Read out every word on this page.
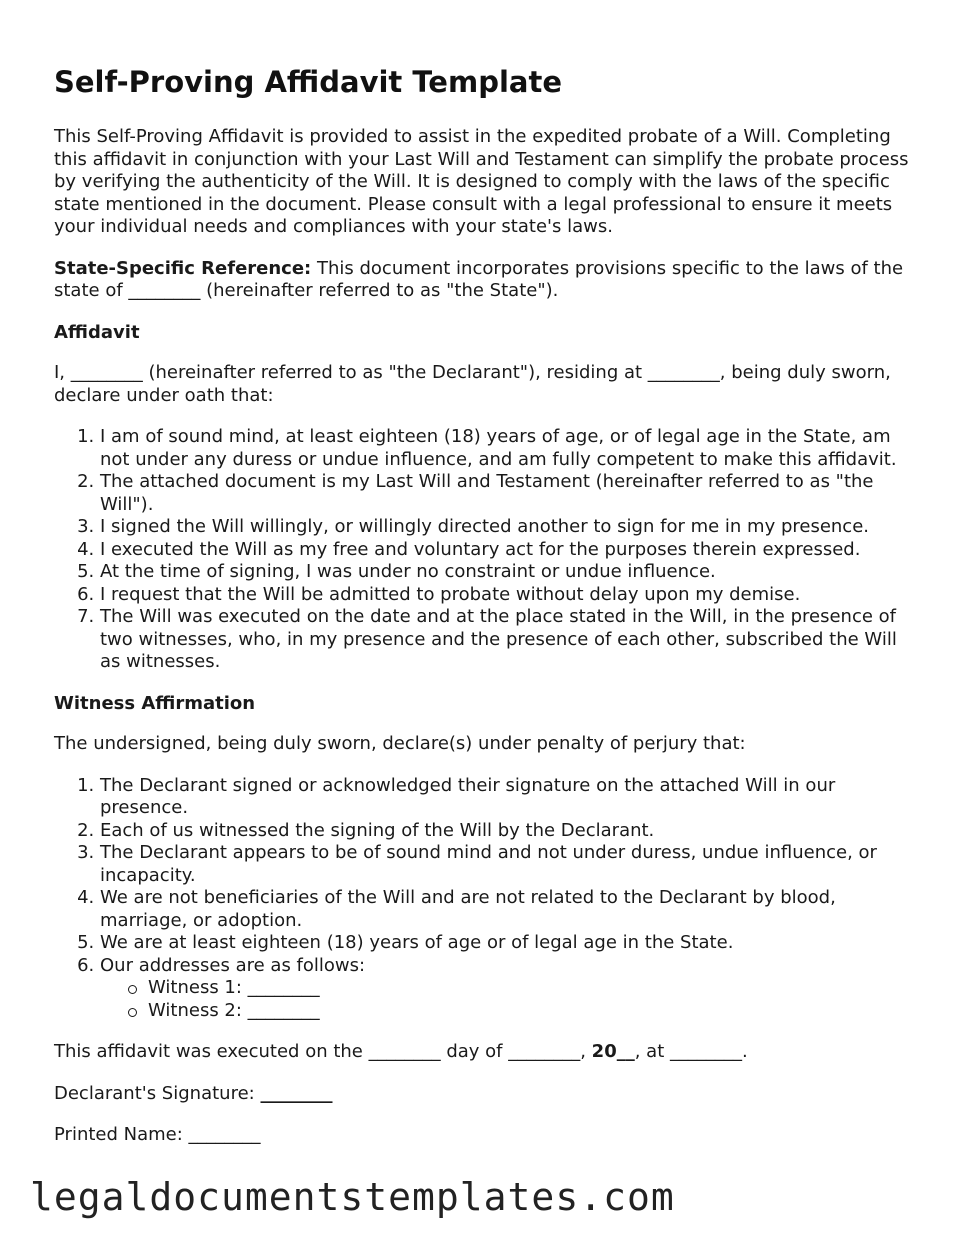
Self-Proving Affidavit Template

This Self-Proving Affidavit is provided to assist in the expedited probate of a Will. Completing this affidavit in conjunction with your Last Will and Testament can simplify the probate process by verifying the authenticity of the Will. It is designed to comply with the laws of the specific state mentioned in the document. Please consult with a legal professional to ensure it meets your individual needs and compliances with your state's laws.

State-Specific Reference: This document incorporates provisions specific to the laws of the state of ________ (hereinafter referred to as "the State").

Affidavit

I, ________ (hereinafter referred to as "the Declarant"), residing at ________, being duly sworn, declare under oath that:

1. I am of sound mind, at least eighteen (18) years of age, or of legal age in the State, am not under any duress or undue influence, and am fully competent to make this affidavit.
2. The attached document is my Last Will and Testament (hereinafter referred to as "the Will").
3. I signed the Will willingly, or willingly directed another to sign for me in my presence.
4. I executed the Will as my free and voluntary act for the purposes therein expressed.
5. At the time of signing, I was under no constraint or undue influence.
6. I request that the Will be admitted to probate without delay upon my demise.
7. The Will was executed on the date and at the place stated in the Will, in the presence of two witnesses, who, in my presence and the presence of each other, subscribed the Will as witnesses.
Witness Affirmation

The undersigned, being duly sworn, declare(s) under penalty of perjury that:

1. The Declarant signed or acknowledged their signature on the attached Will in our presence.
2. Each of us witnessed the signing of the Will by the Declarant.
3. The Declarant appears to be of sound mind and not under duress, undue influence, or incapacity.
4. We are not beneficiaries of the Will and are not related to the Declarant by blood, marriage, or adoption.
5. We are at least eighteen (18) years of age or of legal age in the State.
6. Our addresses are as follows:
Witness 1: ________
Witness 2: ________

This affidavit was executed on the ________ day of ________, 20__, at ________.

Declarant's Signature: ________

Printed Name: ________

legaldocumentstemplates.com
